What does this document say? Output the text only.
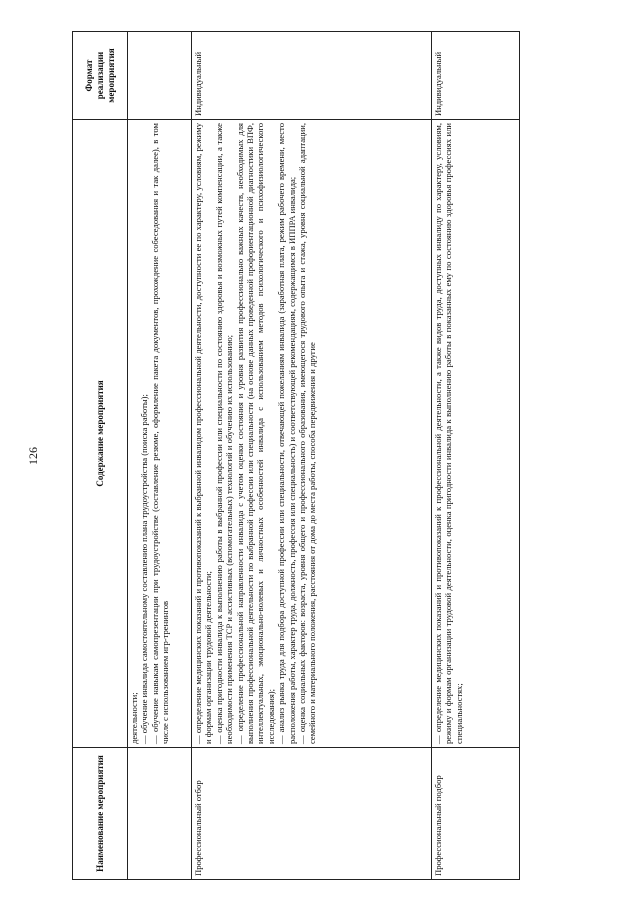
126
Наименование мероприятия	Содержание мероприятия	Формат реализации мероприятия

	деятельности; — обучение инвалида самостоятельному составлению плана трудоустройства (поиска работы); — обучение навыкам самопрезентации при трудоустройстве (составление резюме, оформление пакета документов, прохождение собеседования и так далее), в том числе с использованием игр-тренингов	

Профессиональный отбор	— определение медицинских показаний и противопоказаний к выбранной инвалидом профессиональной деятельности, доступности ее по характеру, условиям, режиму и формам организации трудовой деятельности; — оценка пригодности инвалида к выполнению работы в выбранной профессии или специальности по состоянию здоровья и возможных путей компенсации, а также необходимости применения ТСР и ассистивных (вспомогательных) технологий и обучению их использованию; — определение профессиональной направленности инвалида с учетом оценки состояния и уровня развития профессионально важных качеств, необходимых для выполнения профессиональной деятельности по выбранной профессии или специальности (на основе данных проведенной профориентационной диагностики ВПФ, интеллектуальных, эмоционально-волевых и личностных особенностей инвалида с использованием методов психологического и психофизиологического исследования); — анализ рынка труда для подбора доступной профессии или специальности, отвечающей пожеланиям инвалида (заработная плата, режим рабочего времени, место расположения работы, характер труда, должность, профессия или специальность) и соответствующей рекомендациям, содержащимся в ИППРА инвалида; — оценка социальных факторов: возраста, уровня общего и профессионального образования, имеющегося трудового опыта и стажа, уровня социальной адаптации, семейного и материального положения, расстояния от дома до места работы, способа передвижения и другие	Индивидуальный
Профессиональный подбор	— определение медицинских показаний и противопоказаний к профессиональной деятельности, а также видов труда, доступных инвалиду по характеру, условиям, режиму и формам организации трудовой деятельности, оценка пригодности инвалида к выполнению работы в показанных ему по состоянию здоровья профессиях или специальностях;	Индивидуальный
